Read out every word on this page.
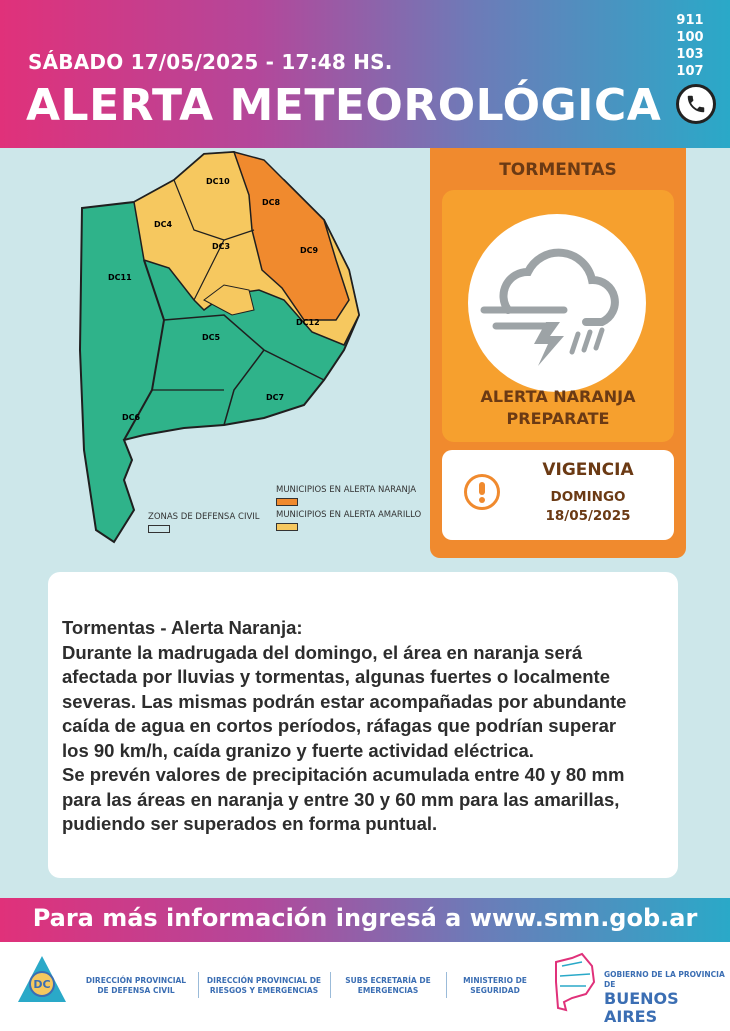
SÁBADO 17/05/2025 - 17:48 HS.
ALERTA METEOROLÓGICA
911
100
103
107
DC10
DC8
DC4
DC3	DC9
DC11
DC12
DC5
DC7
DC6
MUNICIPIOS EN ALERTA NARANJA
MUNICIPIOS EN ALERTA AMARILLO
ZONAS DE DEFENSA CIVIL
TORMENTAS
ALERTA NARANJA
PREPARATE
VIGENCIA
DOMINGO
18/05/2025
Tormentas - Alerta Naranja:
Durante la madrugada del domingo, el área en naranja será
afectada por lluvias y tormentas, algunas fuertes o localmente
severas. Las mismas podrán estar acompañadas por abundante
caída de agua en cortos períodos, ráfagas que podrían superar
los 90 km/h, caída granizo y fuerte actividad eléctrica.
Se prevén valores de precipitación acumulada entre 40 y 80 mm
para las áreas en naranja y entre 30 y 60 mm para las amarillas,
pudiendo ser superados en forma puntual.
Para más información ingresá a www.smn.gob.ar
DC	DIRECCIÓN PROVINCIAL
DE DEFENSA CIVIL
DIRECCIÓN PROVINCIAL DE
RIESGOS Y EMERGENCIAS
SUBS ECRETARÍA DE
EMERGENCIAS
MINISTERIO DE
SEGURIDAD
GOBIERNO DE LA PROVINCIA DE
BUENOS AIRES
